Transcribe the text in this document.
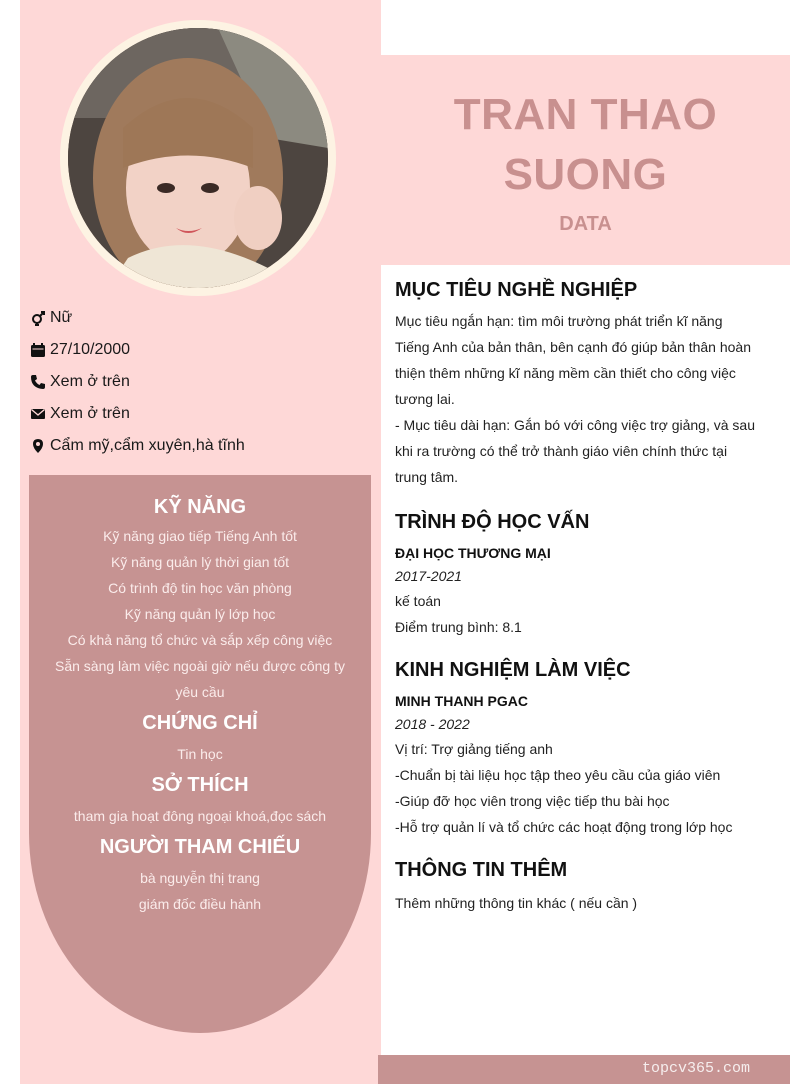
TRAN THAO
SUONG
DATA
Nữ
27/10/2000
Xem ở trên
Xem ở trên
Cẩm mỹ,cẩm xuyên,hà tĩnh
KỸ NĂNG
Kỹ năng giao tiếp Tiếng Anh tốt
Kỹ năng quản lý thời gian tốt
Có trình độ tin học văn phòng
Kỹ năng quản lý lớp học
Có khả năng tổ chức và sắp xếp công việc
Sẵn sàng làm việc ngoài giờ nếu được công ty
yêu cầu
CHỨNG CHỈ
Tin học
SỞ THÍCH
tham gia hoạt đông ngoại khoá,đọc sách
NGƯỜI THAM CHIẾU
bà nguyễn thị trang
giám đốc điều hành
MỤC TIÊU NGHỀ NGHIỆP
Mục tiêu ngắn hạn: tìm môi trường phát triển kĩ năng
Tiếng Anh của bản thân, bên cạnh đó giúp bản thân hoàn
thiện thêm những kĩ năng mềm cần thiết cho công việc
tương lai.
- Mục tiêu dài hạn: Gắn bó với công việc trợ giảng, và sau
khi ra trường có thể trở thành giáo viên chính thức tại
trung tâm.
TRÌNH ĐỘ HỌC VẤN
ĐẠI HỌC THƯƠNG MẠI
2017-2021
kế toán
Điểm trung bình: 8.1
KINH NGHIỆM LÀM VIỆC
MINH THANH PGAC
2018 - 2022
Vị trí: Trợ giảng tiếng anh
-Chuẩn bị tài liệu học tập theo yêu cầu của giáo viên
-Giúp đỡ học viên trong việc tiếp thu bài học
-Hỗ trợ quản lí và tổ chức các hoạt động trong lớp học
THÔNG TIN THÊM
Thêm những thông tin khác ( nếu cần )
topcv365.com
